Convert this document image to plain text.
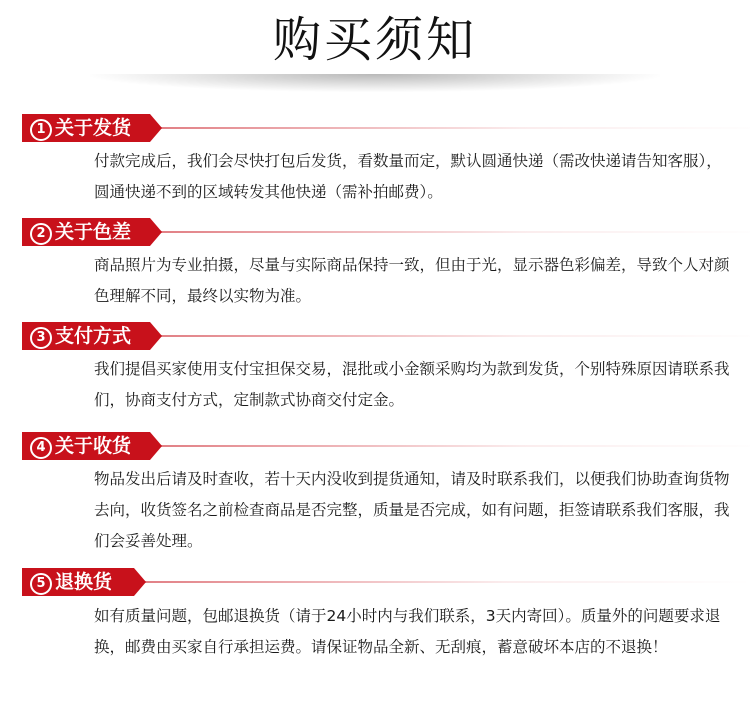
购买须知
1 关于发货
付款完成后，我们会尽快打包后发货，看数量而定，默认圆通快递（需改快递请告知客服），圆通快递不到的区域转发其他快递（需补拍邮费）。
2 关于色差
商品照片为专业拍摄，尽量与实际商品保持一致，但由于光，显示器色彩偏差，导致个人对颜色理解不同，最终以实物为准。
3 支付方式
我们提倡买家使用支付宝担保交易，混批或小金额采购均为款到发货，个别特殊原因请联系我们，协商支付方式，定制款式协商交付定金。
4 关于收货
物品发出后请及时查收，若十天内没收到提货通知，请及时联系我们，以便我们协助查询货物去向，收货签名之前检查商品是否完整，质量是否完成，如有问题，拒签请联系我们客服，我们会妥善处理。
5 退换货
如有质量问题，包邮退换货（请于24小时内与我们联系，3天内寄回）。质量外的问题要求退换，邮费由买家自行承担运费。请保证物品全新、无刮痕，蓄意破坏本店的不退换！
